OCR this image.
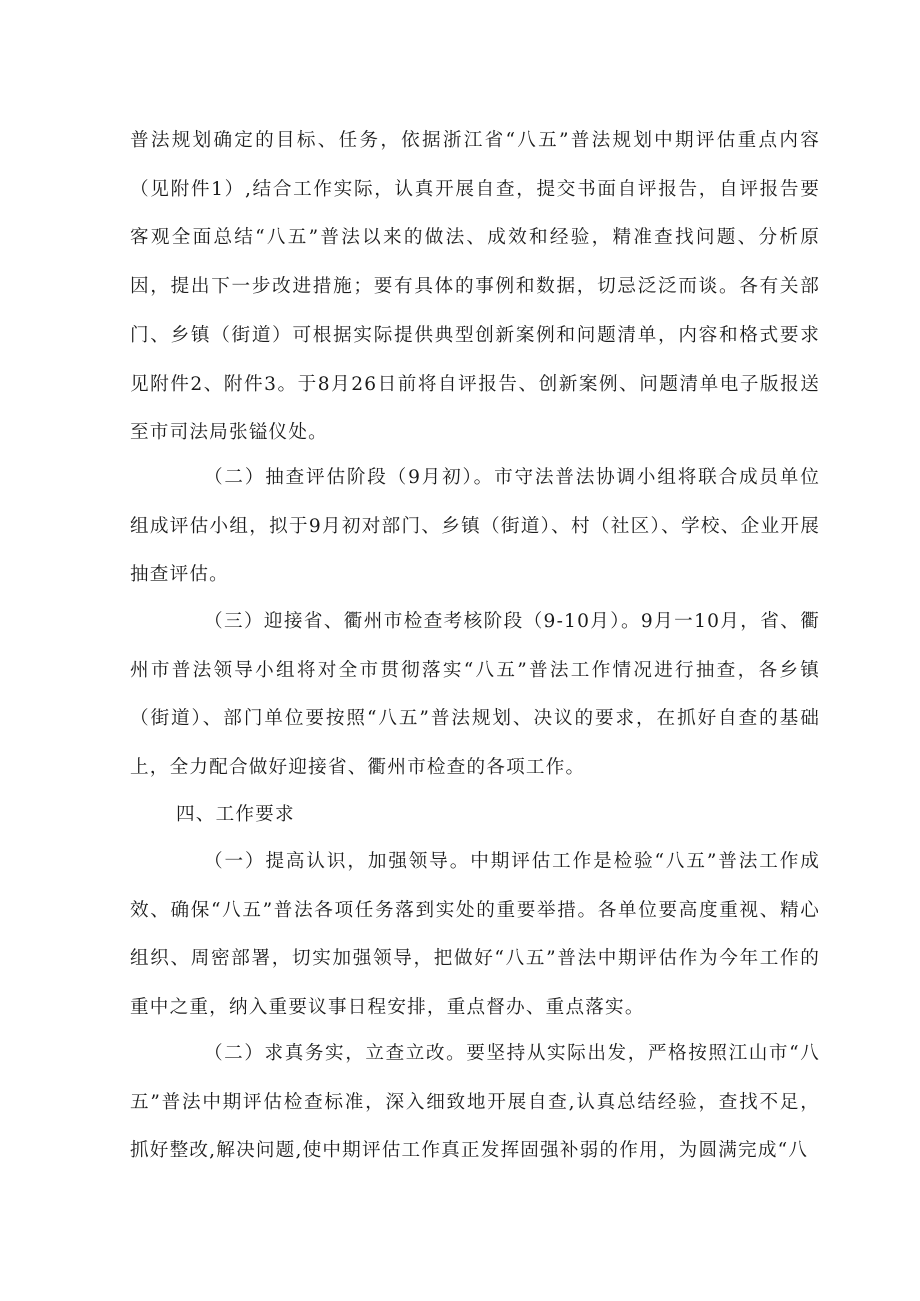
普法规划确定的目标、任务，依据浙江省“八五”普法规划中期评估重点内容（见附件1）,结合工作实际，认真开展自查，提交书面自评报告，自评报告要客观全面总结“八五”普法以来的做法、成效和经验，精准查找问题、分析原因，提出下一步改进措施；要有具体的事例和数据，切忌泛泛而谈。各有关部门、乡镇（街道）可根据实际提供典型创新案例和问题清单，内容和格式要求见附件2、附件3。于8月26日前将自评报告、创新案例、问题清单电子版报送至市司法局张镒仪处。

（二）抽查评估阶段（9月初）。市守法普法协调小组将联合成员单位组成评估小组，拟于9月初对部门、乡镇（街道）、村（社区）、学校、企业开展抽查评估。

（三）迎接省、衢州市检查考核阶段（9-10月）。9月一10月，省、衢州市普法领导小组将对全市贯彻落实“八五”普法工作情况进行抽查，各乡镇（街道）、部门单位要按照“八五”普法规划、决议的要求，在抓好自查的基础上，全力配合做好迎接省、衢州市检查的各项工作。

四、工作要求

（一）提高认识，加强领导。中期评估工作是检验“八五”普法工作成效、确保“八五”普法各项任务落到实处的重要举措。各单位要高度重视、精心组织、周密部署，切实加强领导，把做好“八五”普法中期评估作为今年工作的重中之重，纳入重要议事日程安排，重点督办、重点落实。

（二）求真务实，立查立改。要坚持从实际出发，严格按照江山市“八五”普法中期评估检查标准，深入细致地开展自查,认真总结经验，查找不足，抓好整改,解决问题,使中期评估工作真正发挥固强补弱的作用，为圆满完成“八
